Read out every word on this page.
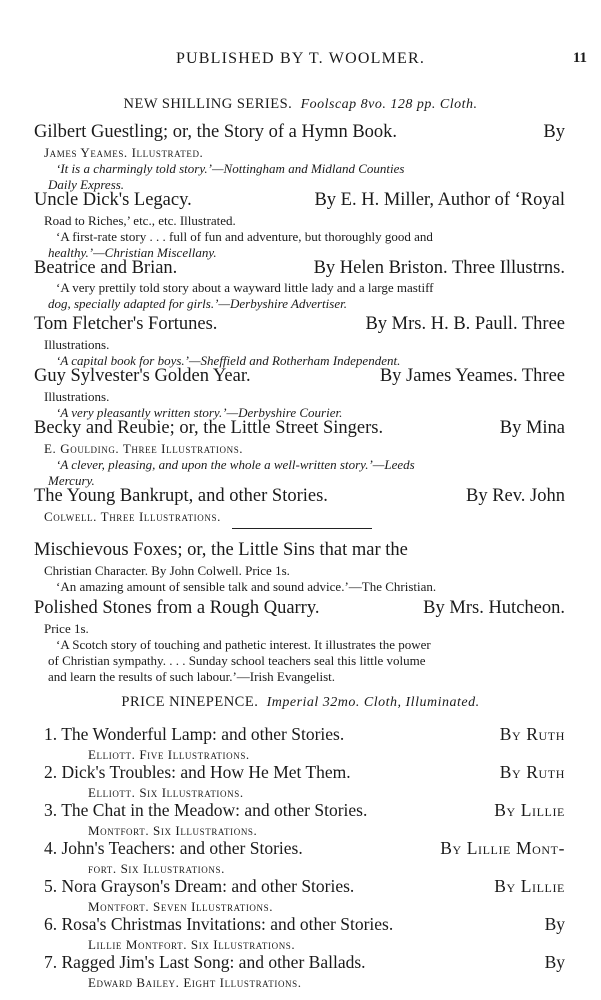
PUBLISHED BY T. WOOLMER.	11
NEW SHILLING SERIES. Foolscap 8vo. 128 pp. Cloth.
Gilbert Guestling; or, the Story of a Hymn Book.	By
James Yeames. Illustrated.
‘It is a charmingly told story.’—Nottingham and Midland Counties
Daily Express.
Uncle Dick's Legacy.	By E. H. Miller, Author of ‘Royal
Road to Riches,’ etc., etc. Illustrated.
‘A first-rate story . . . full of fun and adventure, but thoroughly good and
healthy.’—Christian Miscellany.
Beatrice and Brian.	By Helen Briston. Three Illustrns.
‘A very prettily told story about a wayward little lady and a large mastiff
dog, specially adapted for girls.’—Derbyshire Advertiser.
Tom Fletcher's Fortunes.	By Mrs. H. B. Paull. Three
Illustrations.
‘A capital book for boys.’—Sheffield and Rotherham Independent.
Guy Sylvester's Golden Year.	By James Yeames. Three
Illustrations.
‘A very pleasantly written story.’—Derbyshire Courier.
Becky and Reubie; or, the Little Street Singers.	By Mina
E. Goulding. Three Illustrations.
‘A clever, pleasing, and upon the whole a well-written story.’—Leeds
Mercury.
The Young Bankrupt, and other Stories.	By Rev. John
Colwell. Three Illustrations.
Mischievous Foxes; or, the Little Sins that mar the
Christian Character. By John Colwell. Price 1s.
‘An amazing amount of sensible talk and sound advice.’—The Christian.
Polished Stones from a Rough Quarry.	By Mrs. Hutcheon.
Price 1s.
‘A Scotch story of touching and pathetic interest. It illustrates the power
of Christian sympathy. . . . Sunday school teachers seal this little volume
and learn the results of such labour.’—Irish Evangelist.
PRICE NINEPENCE. Imperial 32mo. Cloth, Illuminated.
1. The Wonderful Lamp: and other Stories.	By Ruth
Elliott. Five Illustrations.
2. Dick's Troubles: and How He Met Them.	By Ruth
Elliott. Six Illustrations.
3. The Chat in the Meadow: and other Stories.	By Lillie
Montfort. Six Illustrations.
4. John's Teachers: and other Stories.	By Lillie Mont-
fort. Six Illustrations.
5. Nora Grayson's Dream: and other Stories.	By Lillie
Montfort. Seven Illustrations.
6. Rosa's Christmas Invitations: and other Stories.	By
Lillie Montfort. Six Illustrations.
7. Ragged Jim's Last Song: and other Ballads.	By
Edward Bailey. Eight Illustrations.
